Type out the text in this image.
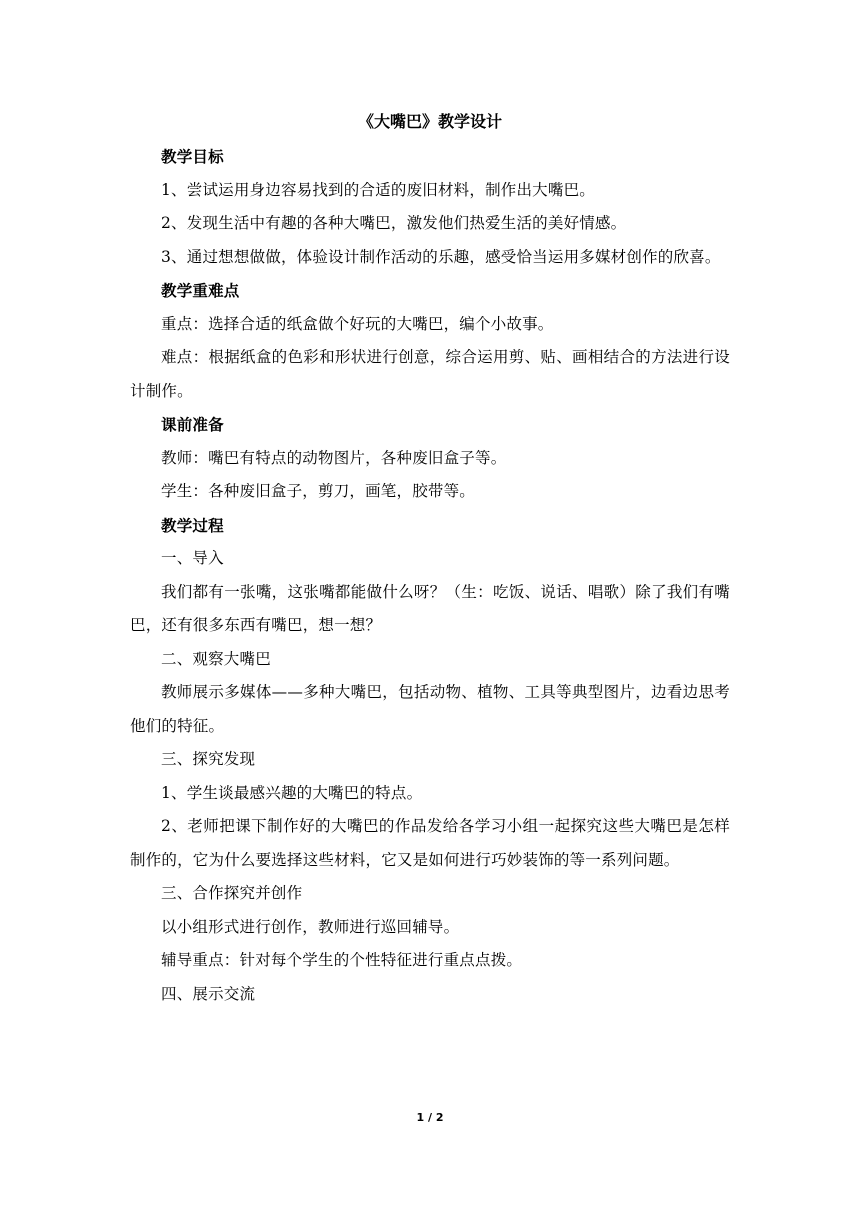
《大嘴巴》教学设计

教学目标

1、尝试运用身边容易找到的合适的废旧材料，制作出大嘴巴。

2、发现生活中有趣的各种大嘴巴，激发他们热爱生活的美好情感。

3、通过想想做做，体验设计制作活动的乐趣，感受恰当运用多媒材创作的欣喜。

教学重难点

重点：选择合适的纸盒做个好玩的大嘴巴，编个小故事。

难点：根据纸盒的色彩和形状进行创意，综合运用剪、贴、画相结合的方法进行设计制作。

课前准备

教师：嘴巴有特点的动物图片，各种废旧盒子等。

学生：各种废旧盒子，剪刀，画笔，胶带等。

教学过程

一、导入

我们都有一张嘴，这张嘴都能做什么呀？（生：吃饭、说话、唱歌）除了我们有嘴巴，还有很多东西有嘴巴，想一想？

二、观察大嘴巴

教师展示多媒体——多种大嘴巴，包括动物、植物、工具等典型图片，边看边思考他们的特征。

三、探究发现

1、学生谈最感兴趣的大嘴巴的特点。

2、老师把课下制作好的大嘴巴的作品发给各学习小组一起探究这些大嘴巴是怎样制作的，它为什么要选择这些材料，它又是如何进行巧妙装饰的等一系列问题。

三、合作探究并创作

以小组形式进行创作，教师进行巡回辅导。

辅导重点：针对每个学生的个性特征进行重点点拨。

四、展示交流

1 / 2
